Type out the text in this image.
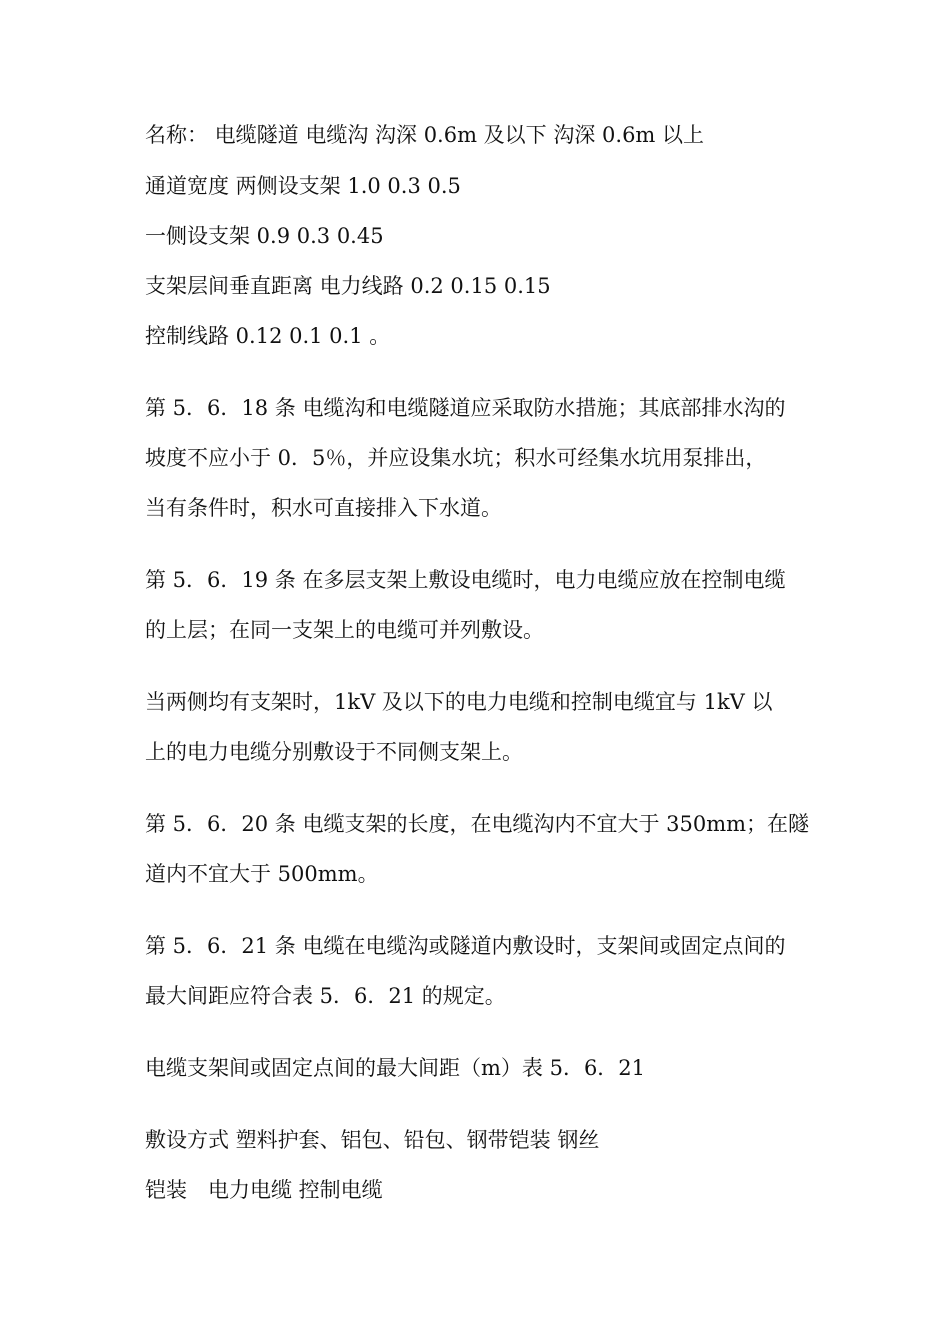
名称： 电缆隧道 电缆沟 沟深 0.6m 及以下 沟深 0.6m 以上
通道宽度 两侧设支架 1.0 0.3 0.5
一侧设支架 0.9 0.3 0.45
支架层间垂直距离 电力线路 0.2 0.15 0.15
控制线路 0.12 0.1 0.1 。
第 5．6．18 条 电缆沟和电缆隧道应采取防水措施；其底部排水沟的
坡度不应小于 0．5％，并应设集水坑；积水可经集水坑用泵排出，
当有条件时，积水可直接排入下水道。
第 5．6．19 条 在多层支架上敷设电缆时，电力电缆应放在控制电缆
的上层；在同一支架上的电缆可并列敷设。
当两侧均有支架时，1kV 及以下的电力电缆和控制电缆宜与 1kV 以
上的电力电缆分别敷设于不同侧支架上。
第 5．6．20 条 电缆支架的长度，在电缆沟内不宜大于 350mm；在隧
道内不宜大于 500mm。
第 5．6．21 条 电缆在电缆沟或隧道内敷设时，支架间或固定点间的
最大间距应符合表 5．6．21 的规定。
电缆支架间或固定点间的最大间距（m）表 5．6．21
敷设方式 塑料护套、铝包、铅包、钢带铠装 钢丝
铠装　电力电缆 控制电缆
